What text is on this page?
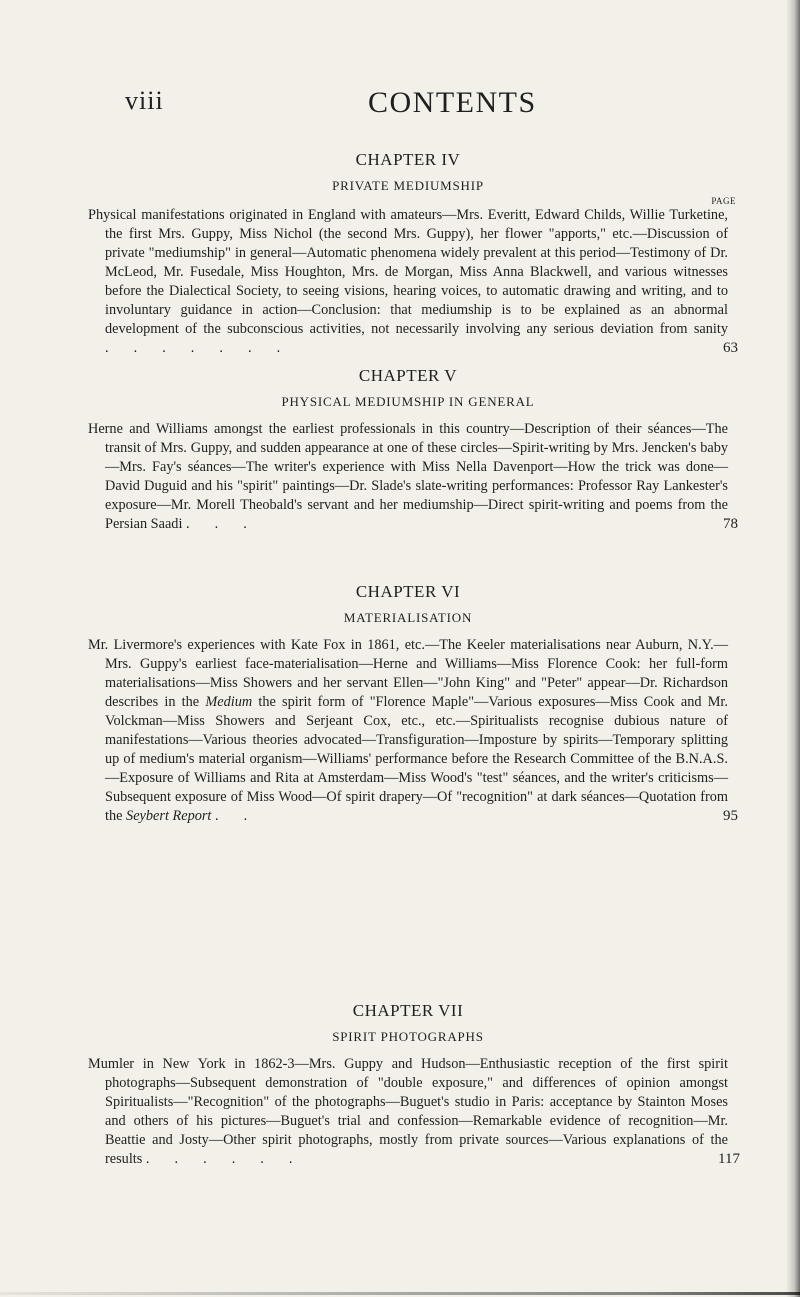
viii	CONTENTS
CHAPTER IV
PRIVATE MEDIUMSHIP
PAGE

Physical manifestations originated in England with amateurs—Mrs. Everitt, Edward Childs, Willie Turketine, the first Mrs. Guppy, Miss Nichol (the second Mrs. Guppy), her flower "apports," etc.—Discussion of private "mediumship" in general—Automatic phenomena widely prevalent at this period—Testimony of Dr. McLeod, Mr. Fusedale, Miss Houghton, Mrs. de Morgan, Miss Anna Blackwell, and various witnesses before the Dialectical Society, to seeing visions, hearing voices, to automatic drawing and writing, and to involuntary guidance in action—Conclusion: that mediumship is to be explained as an abnormal development of the subconscious activities, not necessarily involving any serious deviation from sanity .       .       .       .       .       .       .	63

CHAPTER V
PHYSICAL MEDIUMSHIP IN GENERAL

Herne and Williams amongst the earliest professionals in this country—Description of their séances—The transit of Mrs. Guppy, and sudden appearance at one of these circles—Spirit-writing by Mrs. Jencken's baby—Mrs. Fay's séances—The writer's experience with Miss Nella Davenport—How the trick was done—David Duguid and his "spirit" paintings—Dr. Slade's slate-writing performances: Professor Ray Lankester's exposure—Mr. Morell Theobald's servant and her mediumship—Direct spirit-writing and poems from the Persian Saadi .       .       .	78

CHAPTER VI
MATERIALISATION

Mr. Livermore's experiences with Kate Fox in 1861, etc.—The Keeler materialisations near Auburn, N.Y.—Mrs. Guppy's earliest face-materialisation—Herne and Williams—Miss Florence Cook: her full-form materialisations—Miss Showers and her servant Ellen—"John King" and "Peter" appear—Dr. Richardson describes in the Medium the spirit form of "Florence Maple"—Various exposures—Miss Cook and Mr. Volckman—Miss Showers and Serjeant Cox, etc., etc.—Spiritualists recognise dubious nature of manifestations—Various theories advocated—Transfiguration—Imposture by spirits—Temporary splitting up of medium's material organism—Williams' performance before the Research Committee of the B.N.A.S.—Exposure of Williams and Rita at Amsterdam—Miss Wood's "test" séances, and the writer's criticisms—Subsequent exposure of Miss Wood—Of spirit drapery—Of "recognition" at dark séances—Quotation from the Seybert Report .       .	95

CHAPTER VII
SPIRIT PHOTOGRAPHS

Mumler in New York in 1862-3—Mrs. Guppy and Hudson—Enthusiastic reception of the first spirit photographs—Subsequent demonstration of "double exposure," and differences of opinion amongst Spiritualists—"Recognition" of the photographs—Buguet's studio in Paris: acceptance by Stainton Moses and others of his pictures—Buguet's trial and confession—Remarkable evidence of recognition—Mr. Beattie and Josty—Other spirit photographs, mostly from private sources—Various explanations of the results .       .       .       .       .       .	117
